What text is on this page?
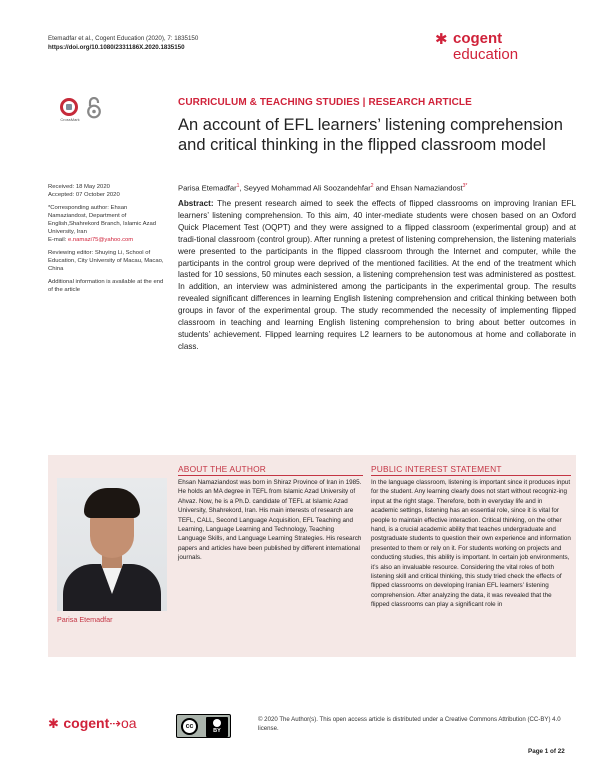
Etemadfar et al., Cogent Education (2020), 7: 1835150
https://doi.org/10.1080/2331186X.2020.1835150	✱ cogent
education
CrossMark
CURRICULUM & TEACHING STUDIES | RESEARCH ARTICLE
An account of EFL learners’ listening comprehension and critical thinking in the flipped classroom model
Parisa Etemadfar$^1$, Seyyed Mohammad Ali Soozandehfar$^2$ and Ehsan Namaziandost$^{3*}$

Received: 18 May 2020
Accepted: 07 October 2020

*Corresponding author: Ehsan Namaziandost, Department of English,Shahrekord Branch, Islamic Azad University, Iran
E-mail: e.namazi75@yahoo.com

Reviewing editor: Shuying Li, School of Education, City University of Macau, Macao, China

Additional information is available at the end of the article

Abstract: The present research aimed to seek the effects of flipped classrooms on improving Iranian EFL learners’ listening comprehension. To this aim, 40 inter-mediate students were chosen based on an Oxford Quick Placement Test (OQPT) and they were assigned to a flipped classroom (experimental group) and at tradi-tional classroom (control group). After running a pretest of listening comprehension, the listening materials were presented to the participants in the flipped classroom through the Internet and computer, while the participants in the control group were deprived of the mentioned facilities. At the end of the treatment which lasted for 10 sessions, 50 minutes each session, a listening comprehension test was administered as posttest. In addition, an interview was administered among the participants in the experimental group. The results revealed significant differences in learning English listening comprehension and critical thinking between both groups in favor of the experimental group. The study recommended the necessity of implementing flipped classroom in teaching and learning English listening comprehension to bring about better outcomes in students’ achievement. Flipped learning requires L2 learners to be autonomous at home and collaborate in class.
Parisa Etemadfar
ABOUT THE AUTHOR
Ehsan Namaziandost was born in Shiraz Province of Iran in 1985. He holds an MA degree in TEFL from Islamic Azad University of Ahvaz. Now, he is a Ph.D. candidate of TEFL at Islamic Azad University, Shahrekord, Iran. His main interests of research are TEFL, CALL, Second Language Acquisition, EFL Teaching and Learning, Language Learning and Technology, Teaching Language Skills, and Language Learning Strategies. His research papers and articles have been published by different international journals.
PUBLIC INTEREST STATEMENT
In the language classroom, listening is important since it produces input for the student. Any learning clearly does not start without recogniz-ing input at the right stage. Therefore, both in everyday life and in academic settings, listening has an essential role, since it is vital for people to maintain effective interaction. Critical thinking, on the other hand, is a crucial academic ability that teaches undergraduate and postgraduate students to question their own experience and information presented to them or rely on it. For students working on projects and conducting studies, this ability is important. In certain job environments, it’s also an invaluable resource. Considering the vital roles of both listening skill and critical thinking, this study tried check the effects of flipped classrooms on developing Iranian EFL learners’ listening comprehension. After analyzing the data, it was revealed that the flipped classrooms can play a significant role in
✱ cogent⇢oa	cc
BY
© 2020 The Author(s). This open access article is distributed under a Creative Commons Attribution (CC-BY) 4.0 license.
Page 1 of 22
